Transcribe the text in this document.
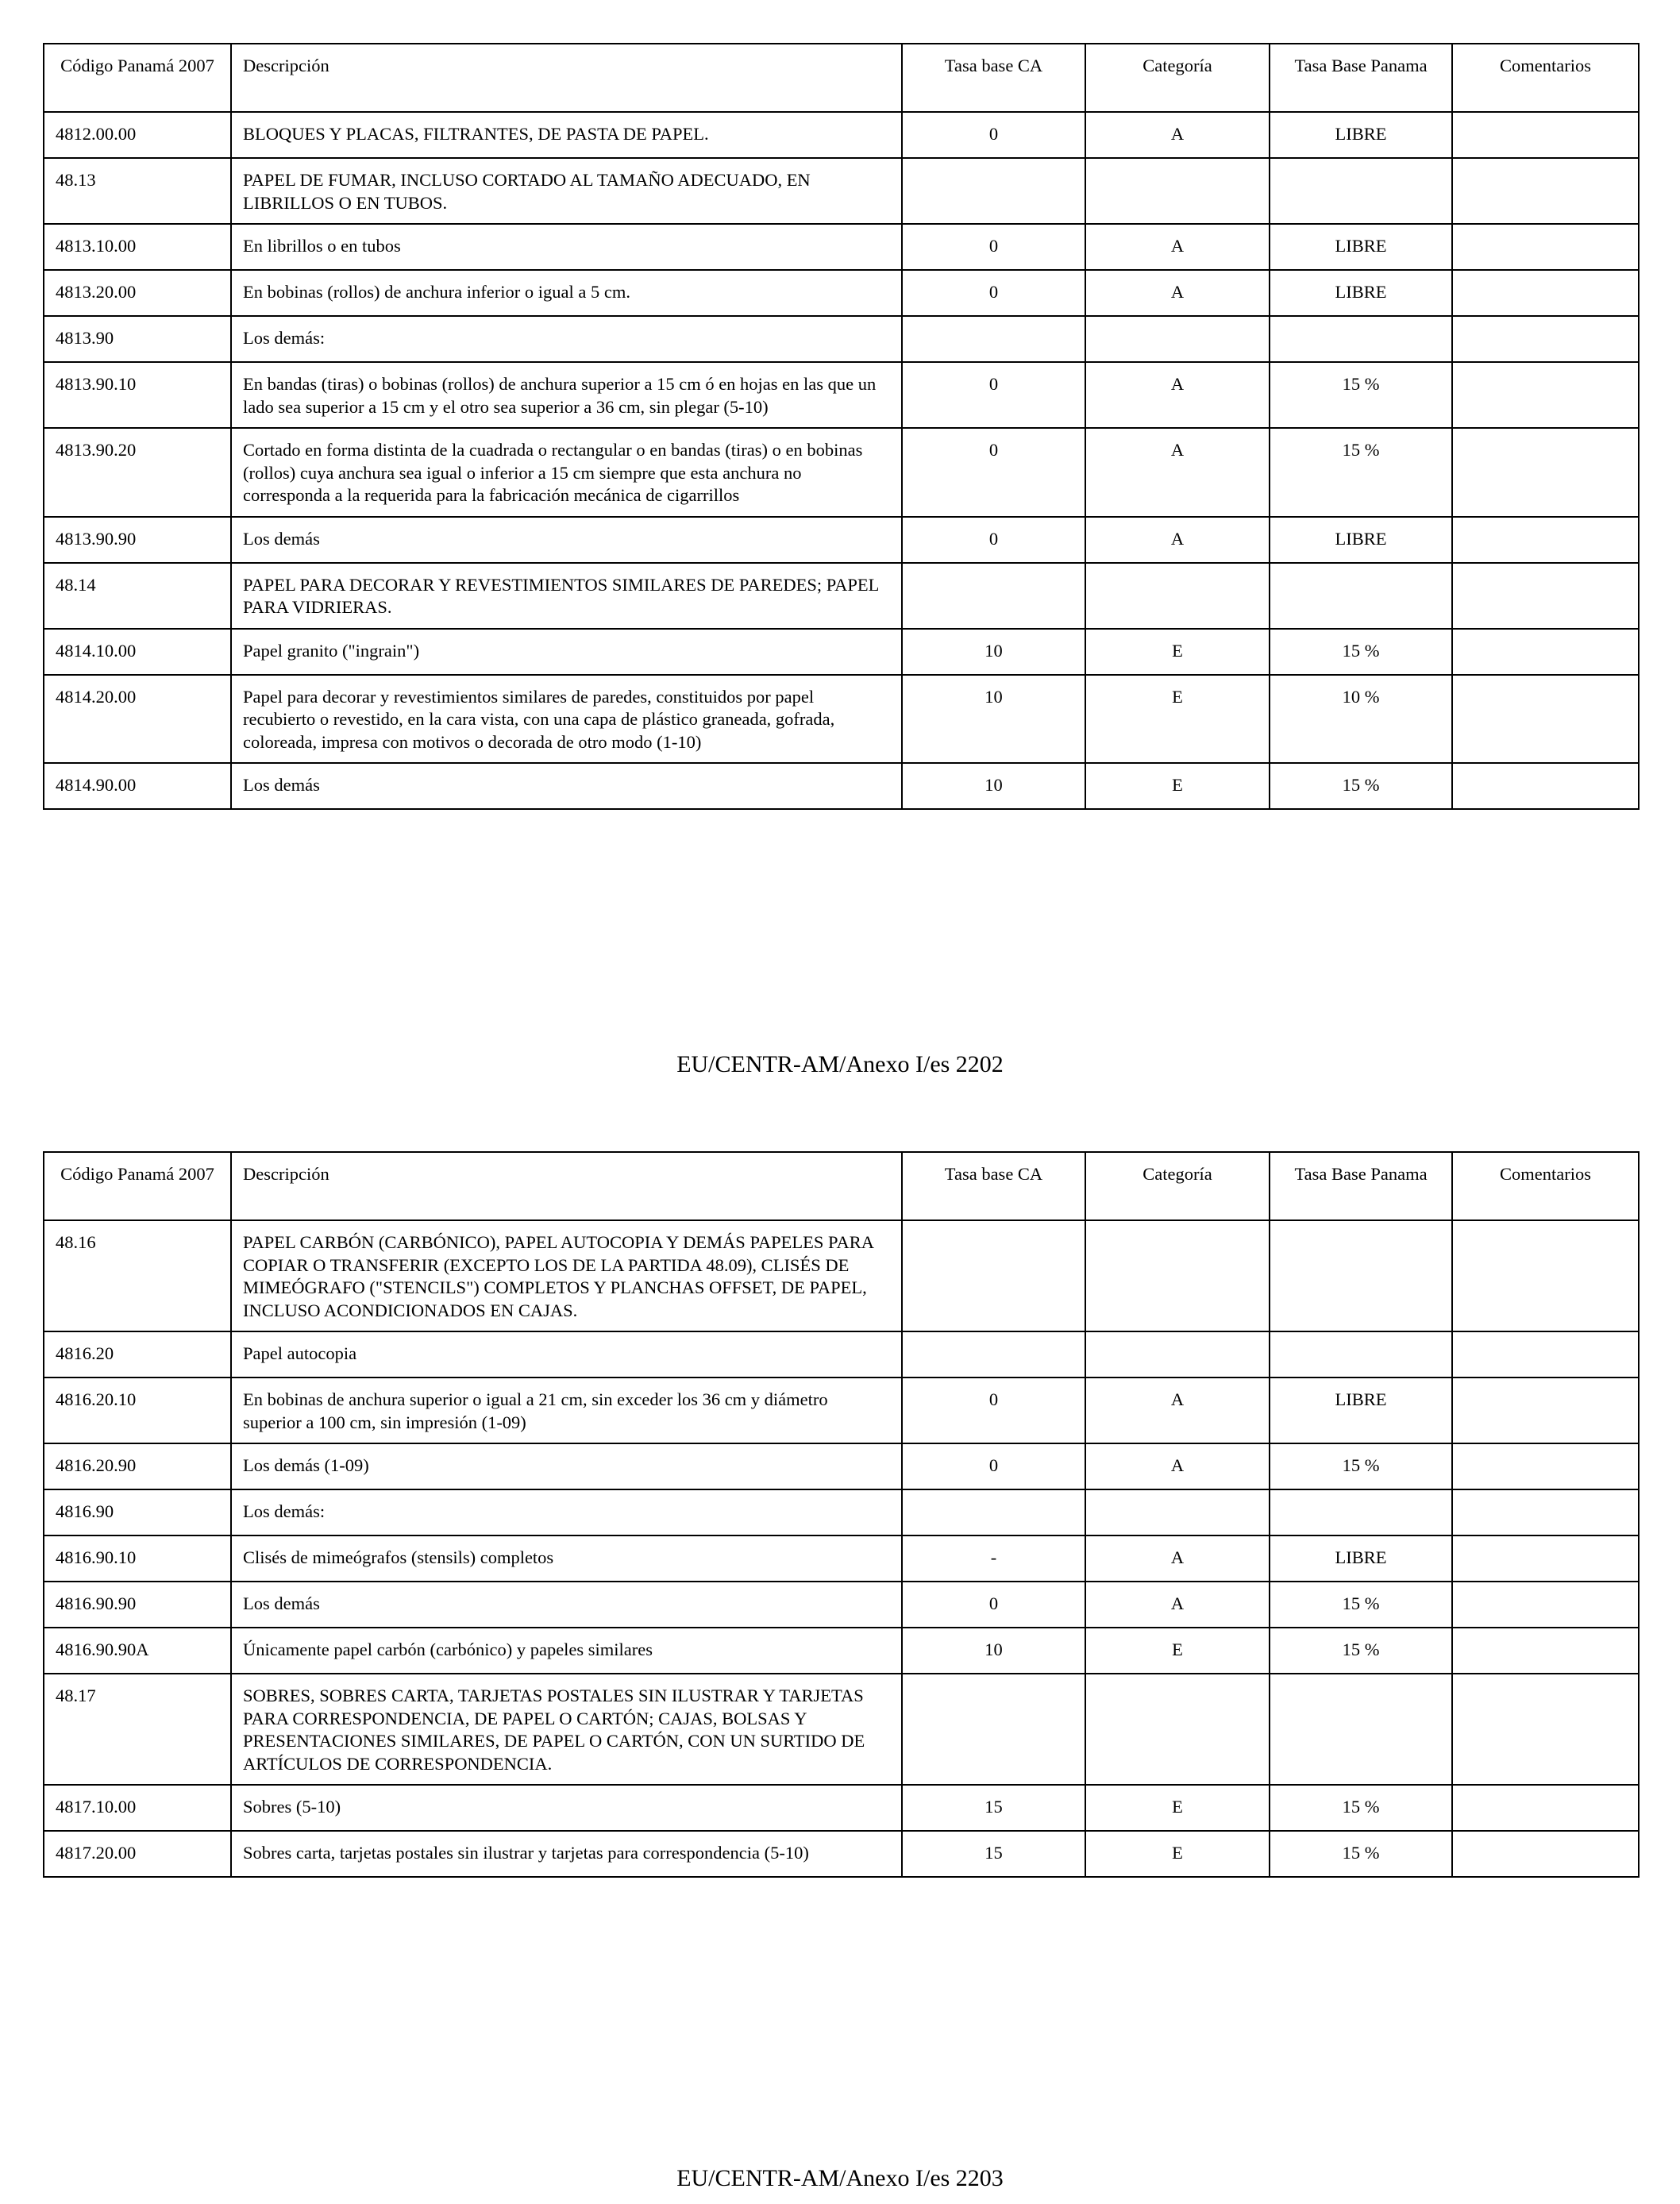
Código Panamá 2007	Descripción	Tasa base CA	Categoría	Tasa Base Panama	Comentarios
4812.00.00	BLOQUES Y PLACAS, FILTRANTES, DE PASTA DE PAPEL.	0	A	LIBRE	
48.13	PAPEL DE FUMAR, INCLUSO CORTADO AL TAMAÑO ADECUADO, EN LIBRILLOS O EN TUBOS.				
4813.10.00	En librillos o en tubos	0	A	LIBRE	
4813.20.00	En bobinas (rollos) de anchura inferior o igual a 5 cm.	0	A	LIBRE	
4813.90	Los demás:				
4813.90.10	En bandas (tiras) o bobinas (rollos) de anchura superior a 15 cm ó en hojas en las que un lado sea superior a 15 cm y el otro sea superior a 36 cm, sin plegar (5-10)	0	A	15 %	
4813.90.20	Cortado en forma distinta de la cuadrada o rectangular o en bandas (tiras) o en bobinas (rollos) cuya anchura sea igual o inferior a 15 cm siempre que esta anchura no corresponda a la requerida para la fabricación mecánica de cigarrillos	0	A	15 %	
4813.90.90	Los demás	0	A	LIBRE	
48.14	PAPEL PARA DECORAR Y REVESTIMIENTOS SIMILARES DE PAREDES; PAPEL PARA VIDRIERAS.				
4814.10.00	Papel granito ("ingrain")	10	E	15 %	
4814.20.00	Papel para decorar y revestimientos similares de paredes, constituidos por papel recubierto o revestido, en la cara vista, con una capa de plástico graneada, gofrada, coloreada, impresa con motivos o decorada de otro modo (1-10)	10	E	10 %	
4814.90.00	Los demás	10	E	15 %	
EU/CENTR-AM/Anexo I/es 2202
Código Panamá 2007	Descripción	Tasa base CA	Categoría	Tasa Base Panama	Comentarios
48.16	PAPEL CARBÓN (CARBÓNICO), PAPEL AUTOCOPIA Y DEMÁS PAPELES PARA COPIAR O TRANSFERIR (EXCEPTO LOS DE LA PARTIDA 48.09), CLISÉS DE MIMEÓGRAFO ("STENCILS") COMPLETOS Y PLANCHAS OFFSET, DE PAPEL, INCLUSO ACONDICIONADOS EN CAJAS.				
4816.20	Papel autocopia				
4816.20.10	En bobinas de anchura superior o igual a 21 cm, sin exceder los 36 cm y diámetro superior a 100 cm, sin impresión (1-09)	0	A	LIBRE	
4816.20.90	Los demás (1-09)	0	A	15 %	
4816.90	Los demás:				
4816.90.10	Clisés de mimeógrafos (stensils) completos	-	A	LIBRE	
4816.90.90	Los demás	0	A	15 %	
4816.90.90A	Únicamente papel carbón (carbónico) y papeles similares	10	E	15 %	
48.17	SOBRES, SOBRES CARTA, TARJETAS POSTALES SIN ILUSTRAR Y TARJETAS PARA CORRESPONDENCIA, DE PAPEL O CARTÓN; CAJAS, BOLSAS Y PRESENTACIONES SIMILARES, DE PAPEL O CARTÓN, CON UN SURTIDO DE ARTÍCULOS DE CORRESPONDENCIA.				
4817.10.00	Sobres (5-10)	15	E	15 %	
4817.20.00	Sobres carta, tarjetas postales sin ilustrar y tarjetas para correspondencia (5-10)	15	E	15 %	
EU/CENTR-AM/Anexo I/es 2203
